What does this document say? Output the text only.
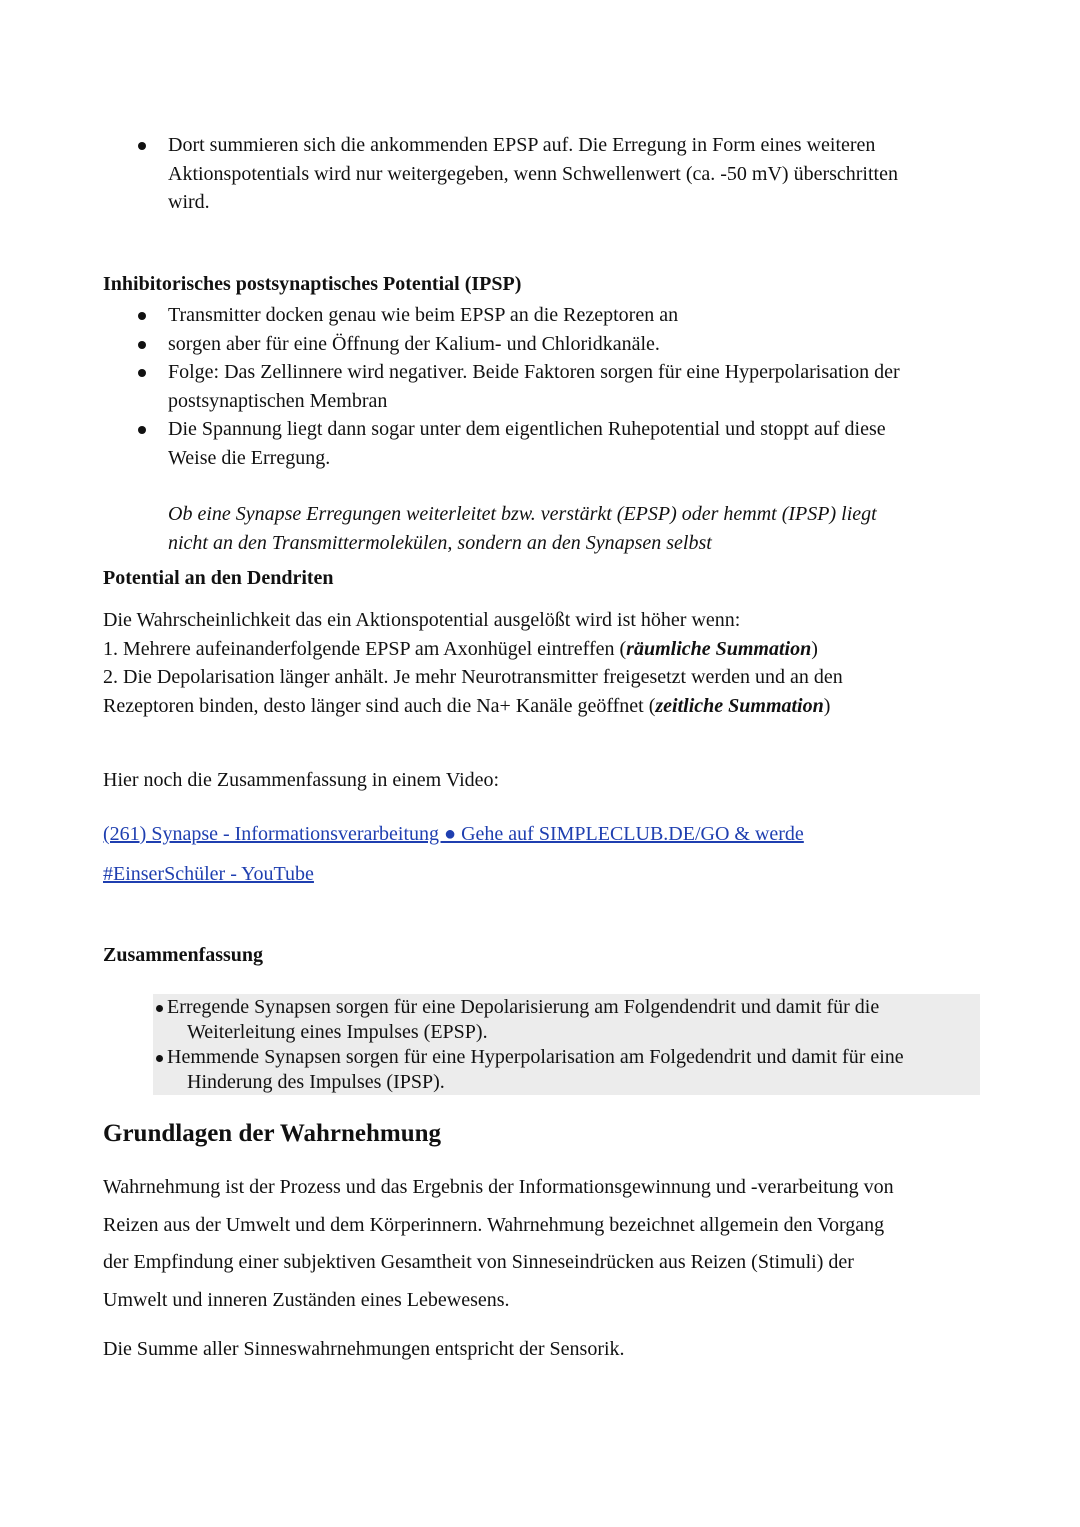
Dort summieren sich die ankommenden EPSP auf. Die Erregung in Form eines weiteren
Aktionspotentials wird nur weitergegeben, wenn Schwellenwert (ca. -50 mV) überschritten
wird.
Inhibitorisches postsynaptisches Potential (IPSP)
Transmitter docken genau wie beim EPSP an die Rezeptoren an
sorgen aber für eine Öffnung der Kalium- und Chloridkanäle.
Folge: Das Zellinnere wird negativer. Beide Faktoren sorgen für eine Hyperpolarisation der
postsynaptischen Membran
Die Spannung liegt dann sogar unter dem eigentlichen Ruhepotential und stoppt auf diese
Weise die Erregung.
Ob eine Synapse Erregungen weiterleitet bzw. verstärkt (EPSP) oder hemmt (IPSP) liegt
nicht an den Transmittermolekülen, sondern an den Synapsen selbst
Potential an den Dendriten
Die Wahrscheinlichkeit das ein Aktionspotential ausgelößt wird ist höher wenn:
1. Mehrere aufeinanderfolgende EPSP am Axonhügel eintreffen (räumliche Summation)
2. Die Depolarisation länger anhält. Je mehr Neurotransmitter freigesetzt werden und an den
Rezeptoren binden, desto länger sind auch die Na+ Kanäle geöffnet (zeitliche Summation)
Hier noch die Zusammenfassung in einem Video:
(261) Synapse - Informationsverarbeitung ● Gehe auf SIMPLECLUB.DE/GO & werde
#EinserSchüler - YouTube
Zusammenfassung
Erregende Synapsen sorgen für eine Depolarisierung am Folgendendrit und damit für die
Weiterleitung eines Impulses (EPSP).
Hemmende Synapsen sorgen für eine Hyperpolarisation am Folgedendrit und damit für eine
Hinderung des Impulses (IPSP).
Grundlagen der Wahrnehmung
Wahrnehmung ist der Prozess und das Ergebnis der Informationsgewinnung und -verarbeitung von
Reizen aus der Umwelt und dem Körperinnern. Wahrnehmung bezeichnet allgemein den Vorgang
der Empfindung einer subjektiven Gesamtheit von Sinneseindrücken aus Reizen (Stimuli) der
Umwelt und inneren Zuständen eines Lebewesens.
Die Summe aller Sinneswahrnehmungen entspricht der Sensorik.
